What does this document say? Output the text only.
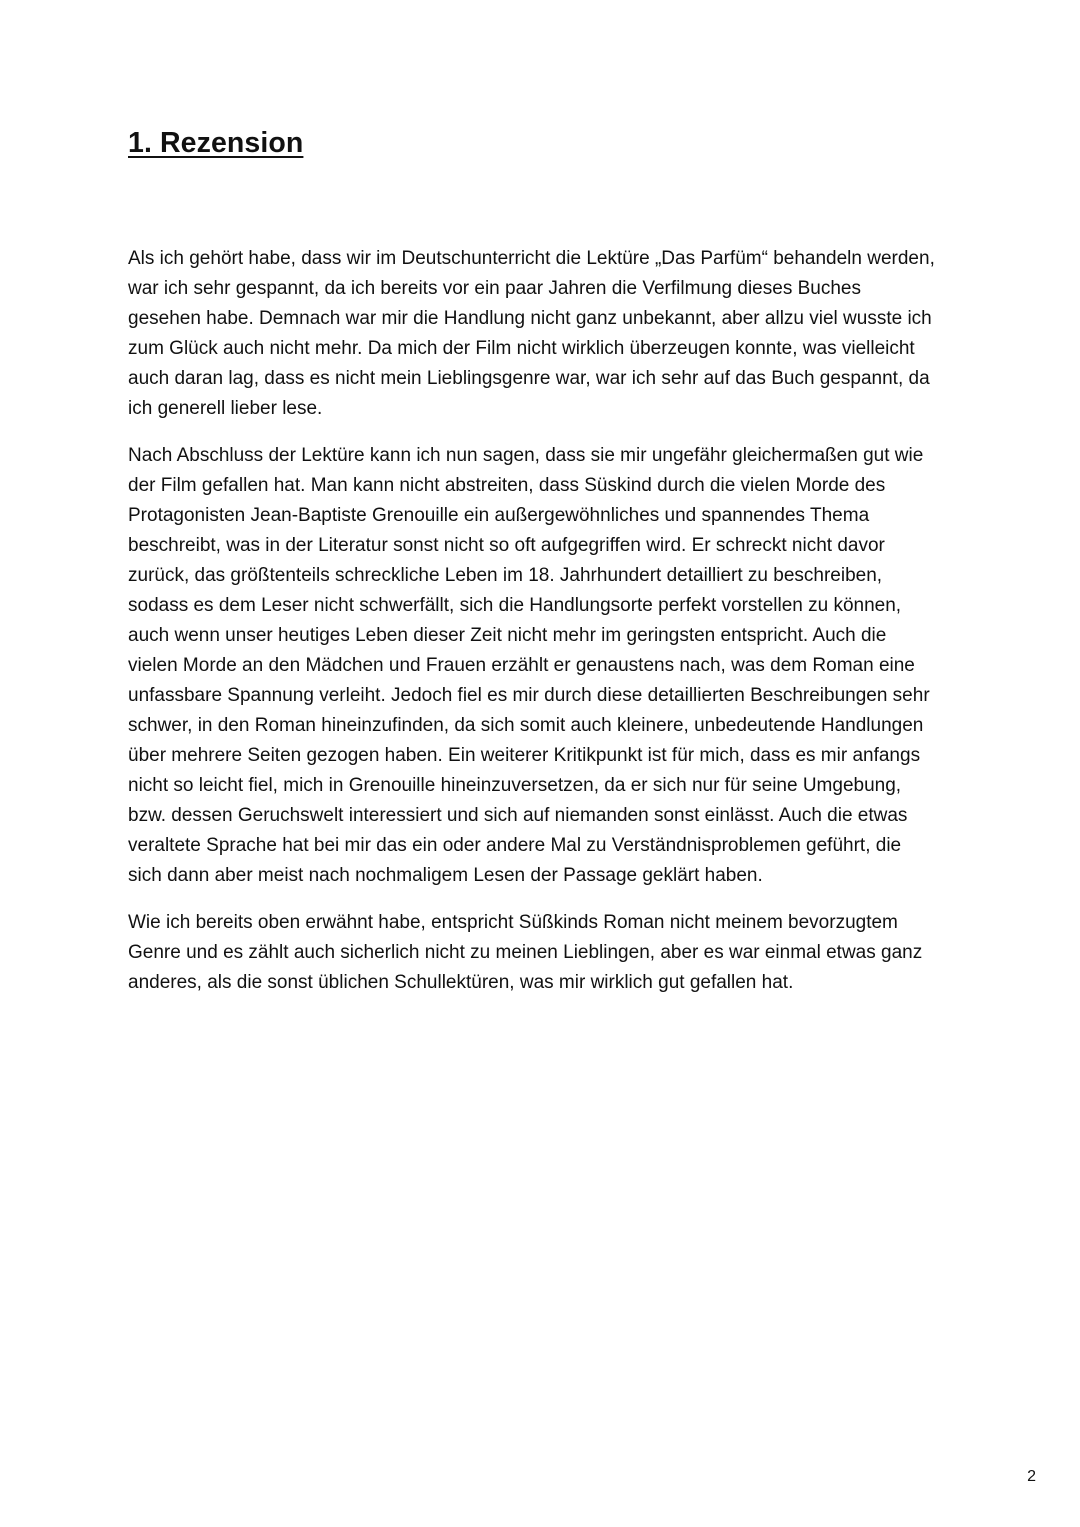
1. Rezension

Als ich gehört habe, dass wir im Deutschunterricht die Lektüre „Das Parfüm“ behandeln werden,
war ich sehr gespannt, da ich bereits vor ein paar Jahren die Verfilmung dieses Buches
gesehen habe. Demnach war mir die Handlung nicht ganz unbekannt, aber allzu viel wusste ich
zum Glück auch nicht mehr. Da mich der Film nicht wirklich überzeugen konnte, was vielleicht
auch daran lag, dass es nicht mein Lieblingsgenre war, war ich sehr auf das Buch gespannt, da
ich generell lieber lese.

Nach Abschluss der Lektüre kann ich nun sagen, dass sie mir ungefähr gleichermaßen gut wie
der Film gefallen hat. Man kann nicht abstreiten, dass Süskind durch die vielen Morde des
Protagonisten Jean-Baptiste Grenouille ein außergewöhnliches und spannendes Thema
beschreibt, was in der Literatur sonst nicht so oft aufgegriffen wird. Er schreckt nicht davor
zurück, das größtenteils schreckliche Leben im 18. Jahrhundert detailliert zu beschreiben,
sodass es dem Leser nicht schwerfällt, sich die Handlungsorte perfekt vorstellen zu können,
auch wenn unser heutiges Leben dieser Zeit nicht mehr im geringsten entspricht. Auch die
vielen Morde an den Mädchen und Frauen erzählt er genaustens nach, was dem Roman eine
unfassbare Spannung verleiht. Jedoch fiel es mir durch diese detaillierten Beschreibungen sehr
schwer, in den Roman hineinzufinden, da sich somit auch kleinere, unbedeutende Handlungen
über mehrere Seiten gezogen haben. Ein weiterer Kritikpunkt ist für mich, dass es mir anfangs
nicht so leicht fiel, mich in Grenouille hineinzuversetzen, da er sich nur für seine Umgebung,
bzw. dessen Geruchswelt interessiert und sich auf niemanden sonst einlässt. Auch die etwas
veraltete Sprache hat bei mir das ein oder andere Mal zu Verständnisproblemen geführt, die
sich dann aber meist nach nochmaligem Lesen der Passage geklärt haben.

Wie ich bereits oben erwähnt habe, entspricht Süßkinds Roman nicht meinem bevorzugtem
Genre und es zählt auch sicherlich nicht zu meinen Lieblingen, aber es war einmal etwas ganz
anderes, als die sonst üblichen Schullektüren, was mir wirklich gut gefallen hat.

2
